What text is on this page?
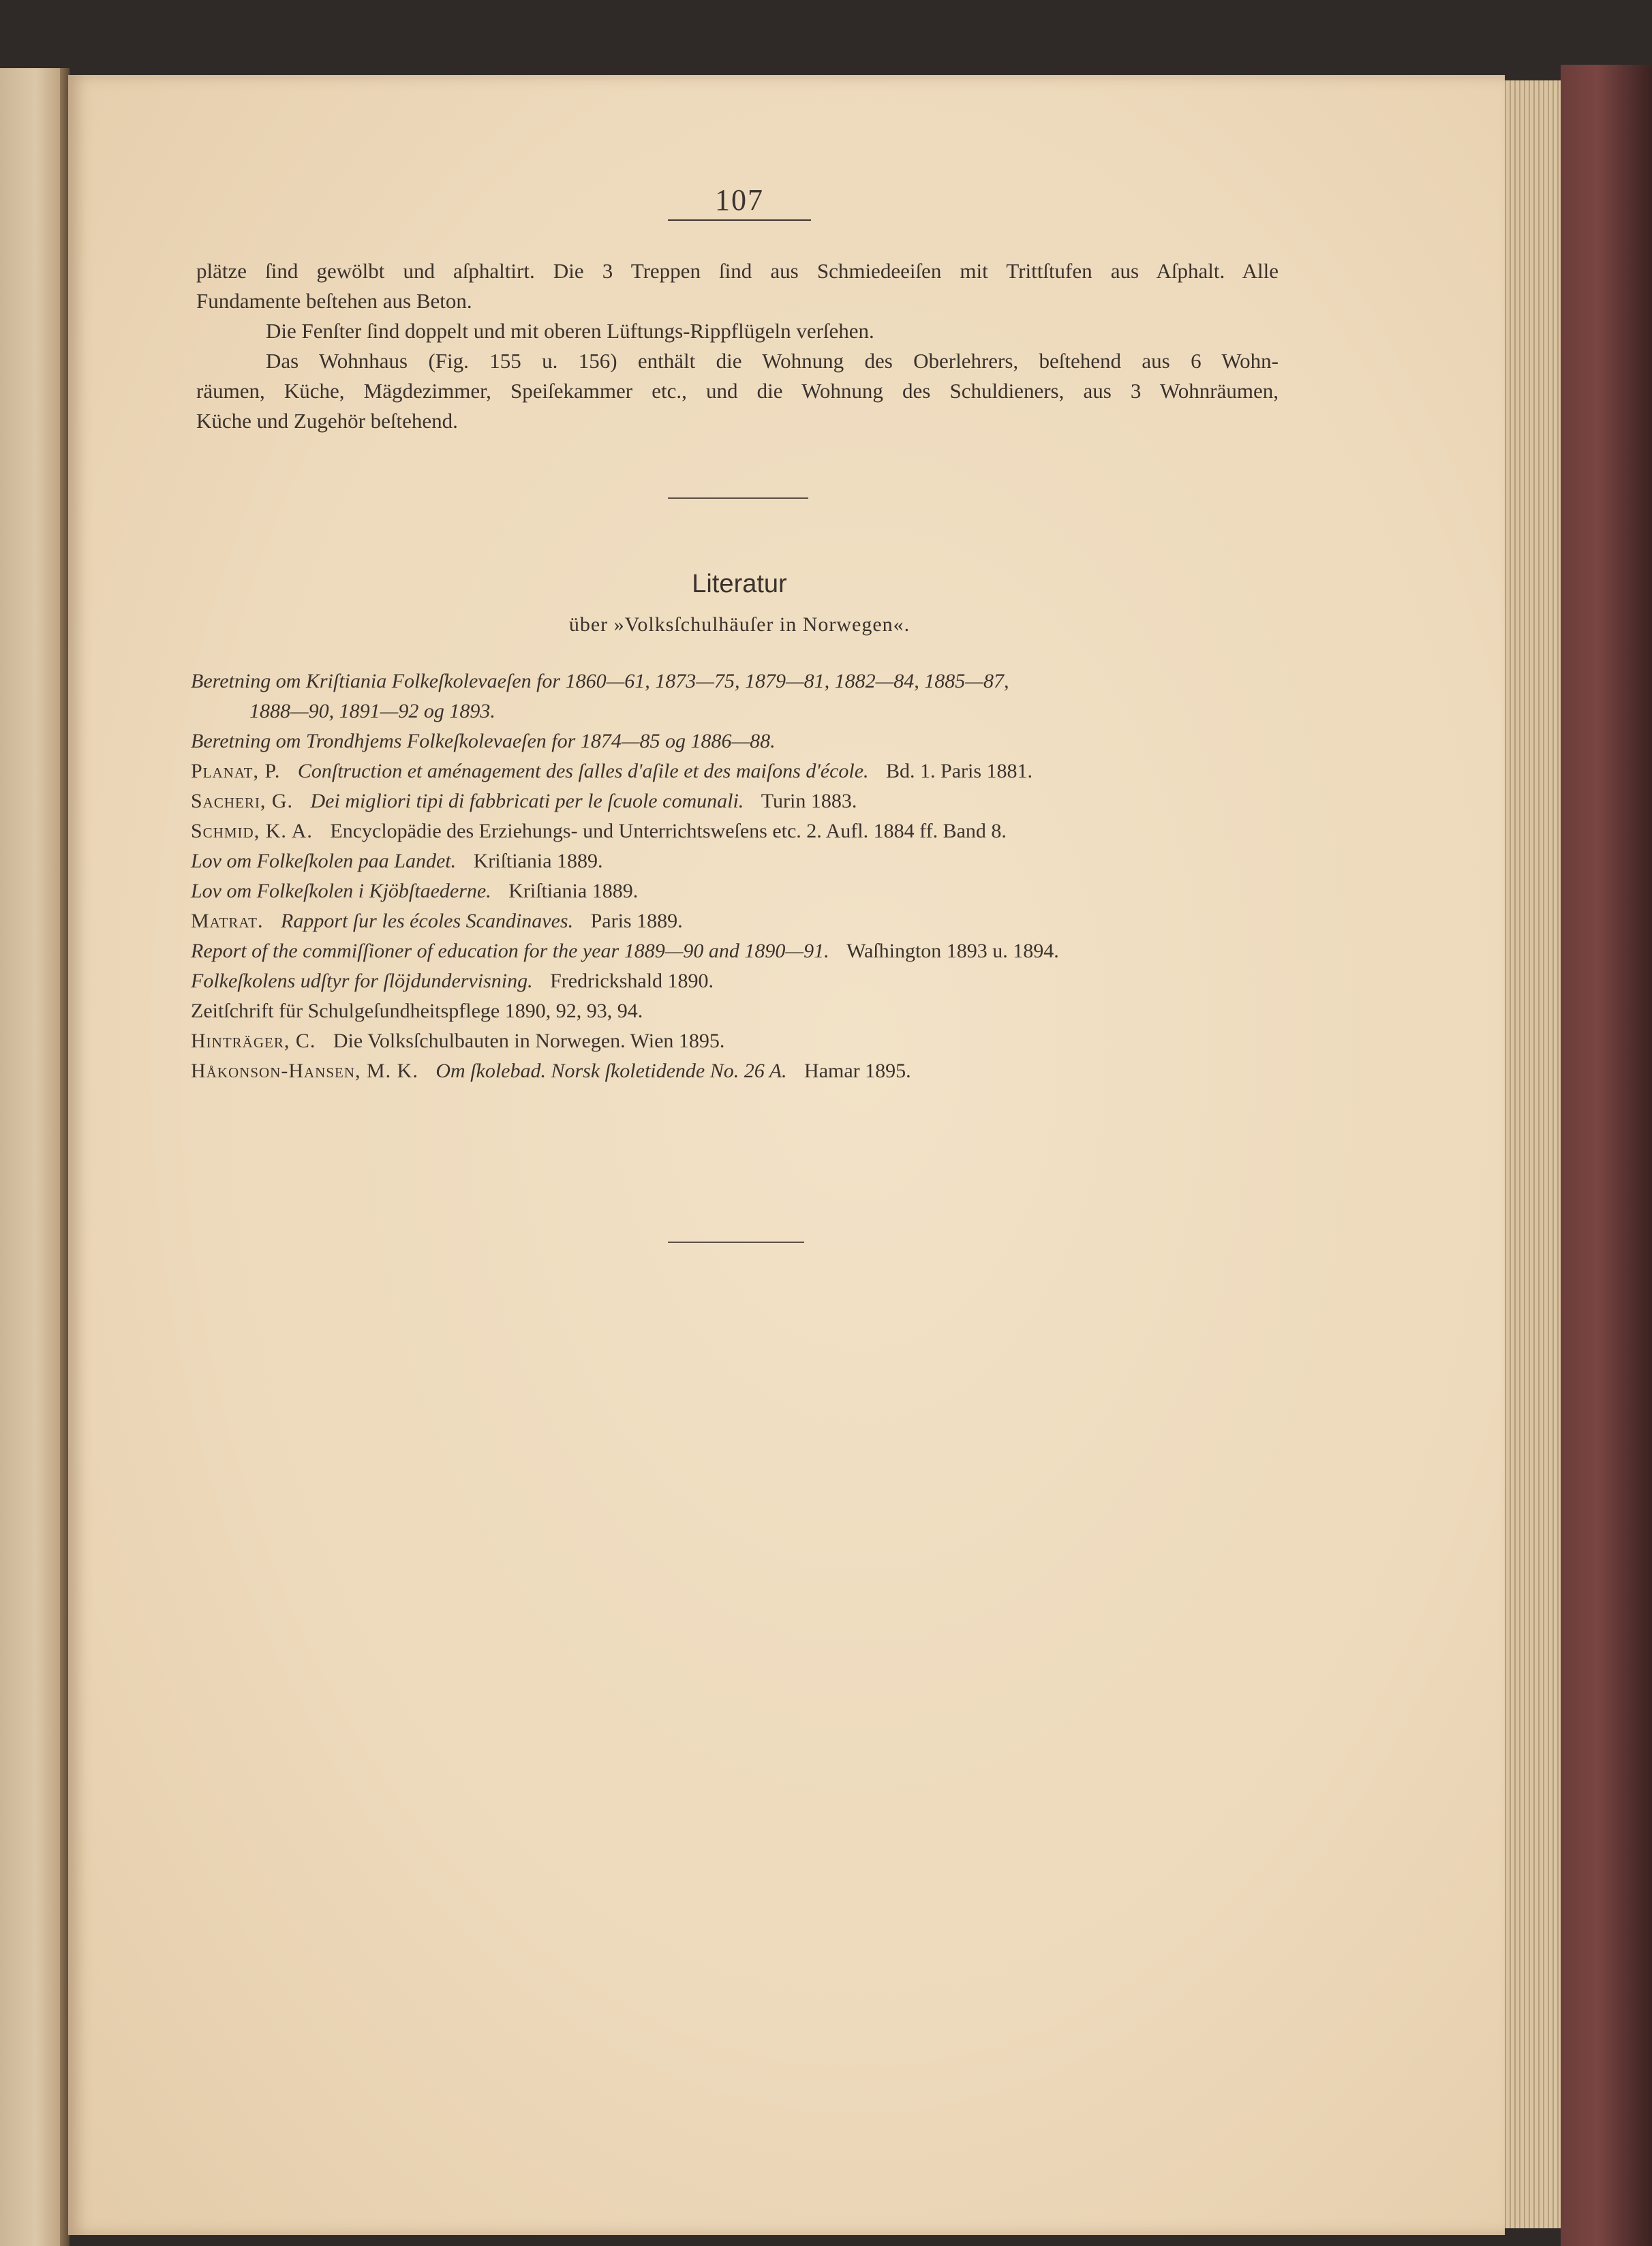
107
plätze ſind gewölbt und aſphaltirt. Die 3 Treppen ſind aus Schmiedeeiſen mit Trittſtufen aus Aſphalt. Alle
Fundamente beſtehen aus Beton.
Die Fenſter ſind doppelt und mit oberen Lüftungs-Rippflügeln verſehen.
Das Wohnhaus (Fig. 155 u. 156) enthält die Wohnung des Oberlehrers, beſtehend aus 6 Wohn-
räumen, Küche, Mägdezimmer, Speiſekammer etc., und die Wohnung des Schuldieners, aus 3 Wohnräumen,
Küche und Zugehör beſtehend.
Literatur
über »Volksſchulhäuſer in Norwegen«.
Beretning om Kriſtiania Folkeſkolevaeſen for 1860—61, 1873—75, 1879—81, 1882—84, 1885—87,
1888—90, 1891—92 og 1893.
Beretning om Trondhjems Folkeſkolevaeſen for 1874—85 og 1886—88.
Planat, P. Conſtruction et aménagement des ſalles d'aſile et des maiſons d'école. Bd. 1. Paris 1881.
Sacheri, G. Dei migliori tipi di fabbricati per le ſcuole comunali. Turin 1883.
Schmid, K. A. Encyclopädie des Erziehungs- und Unterrichtsweſens etc. 2. Aufl. 1884 ff. Band 8.
Lov om Folkeſkolen paa Landet. Kriſtiania 1889.
Lov om Folkeſkolen i Kjöbſtaederne. Kriſtiania 1889.
Matrat. Rapport ſur les écoles Scandinaves. Paris 1889.
Report of the commiſſioner of education for the year 1889—90 and 1890—91. Waſhington 1893 u. 1894.
Folkeſkolens udſtyr for ſlöjdundervisning. Fredrickshald 1890.
Zeitſchrift für Schulgeſundheitspflege 1890, 92, 93, 94.
Hinträger, C. Die Volksſchulbauten in Norwegen. Wien 1895.
Håkonson-Hansen, M. K. Om ſkolebad. Norsk ſkoletidende No. 26 A. Hamar 1895.
